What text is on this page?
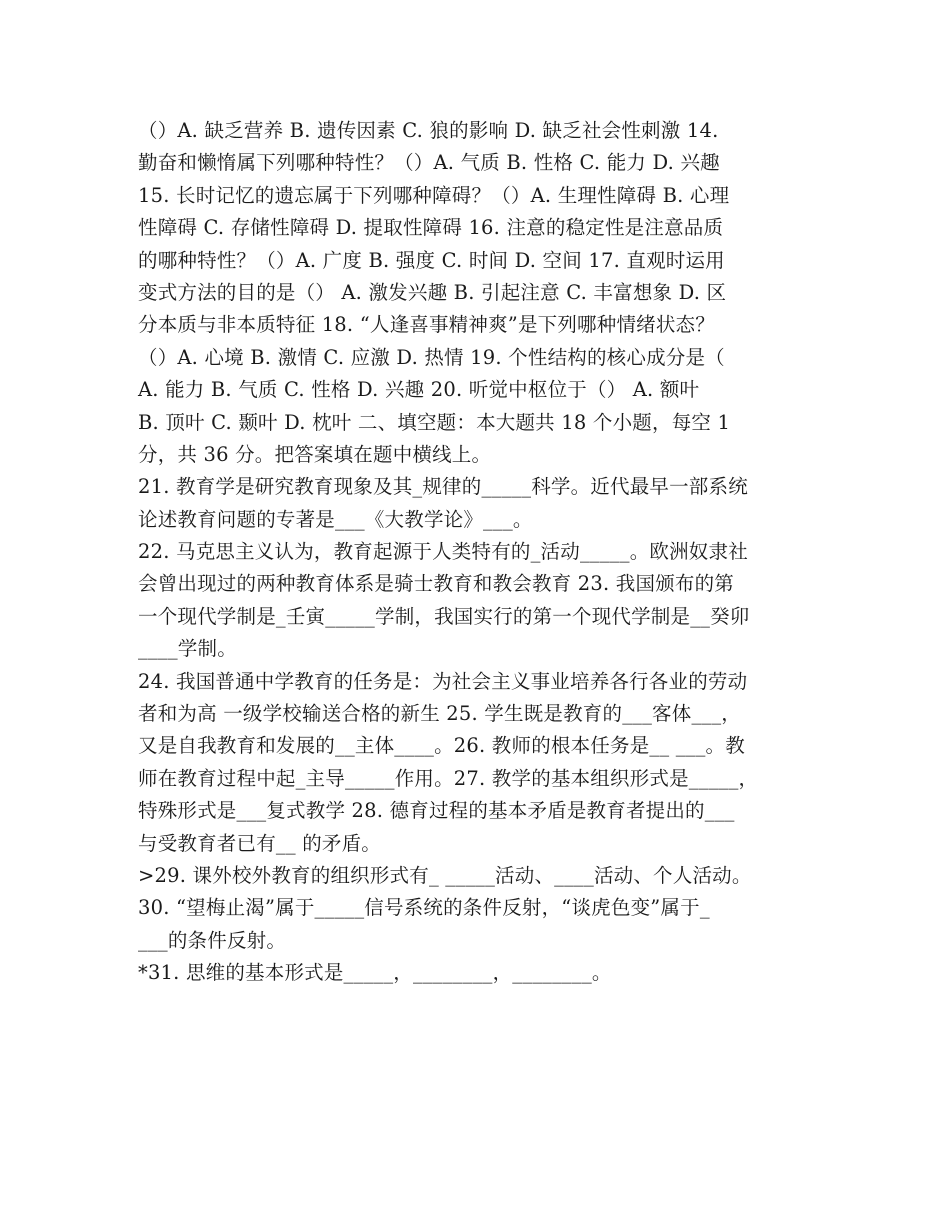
（）A. 缺乏营养 B. 遗传因素 C. 狼的影响 D. 缺乏社会性刺激 14.
勤奋和懒惰属下列哪种特性？（）A. 气质 B. 性格 C. 能力 D. 兴趣
15. 长时记忆的遗忘属于下列哪种障碍？（）A. 生理性障碍 B. 心理
性障碍 C. 存储性障碍 D. 提取性障碍 16. 注意的稳定性是注意品质
的哪种特性？（）A. 广度 B. 强度 C. 时间 D. 空间 17. 直观时运用
变式方法的目的是（） A. 激发兴趣 B. 引起注意 C. 丰富想象 D. 区
分本质与非本质特征 18. “人逢喜事精神爽”是下列哪种情绪状态？
（）A. 心境 B. 激情 C. 应激 D. 热情 19. 个性结构的核心成分是（
A. 能力 B. 气质 C. 性格 D. 兴趣 20. 听觉中枢位于（） A. 额叶
B. 顶叶 C. 颞叶 D. 枕叶 二、填空题：本大题共 18 个小题，每空 1
分，共 36 分。把答案填在题中横线上。
21. 教育学是研究教育现象及其_规律的_____科学。近代最早一部系统
论述教育问题的专著是___《大教学论》___。
22. 马克思主义认为，教育起源于人类特有的_活动_____。欧洲奴隶社
会曾出现过的两种教育体系是骑士教育和教会教育 23. 我国颁布的第
一个现代学制是_壬寅_____学制，我国实行的第一个现代学制是__癸卯
____学制。
24. 我国普通中学教育的任务是：为社会主义事业培养各行各业的劳动
者和为高 一级学校输送合格的新生 25. 学生既是教育的___客体___，
又是自我教育和发展的__主体____。26. 教师的根本任务是__ ___。教
师在教育过程中起_主导_____作用。27. 教学的基本组织形式是_____，
特殊形式是___复式教学 28. 德育过程的基本矛盾是教育者提出的___
与受教育者已有__ 的矛盾。
>29. 课外校外教育的组织形式有_ _____活动、____活动、个人活动。
30. “望梅止渴”属于_____信号系统的条件反射，“谈虎色变”属于_
___的条件反射。
*31. 思维的基本形式是_____，________，________。
